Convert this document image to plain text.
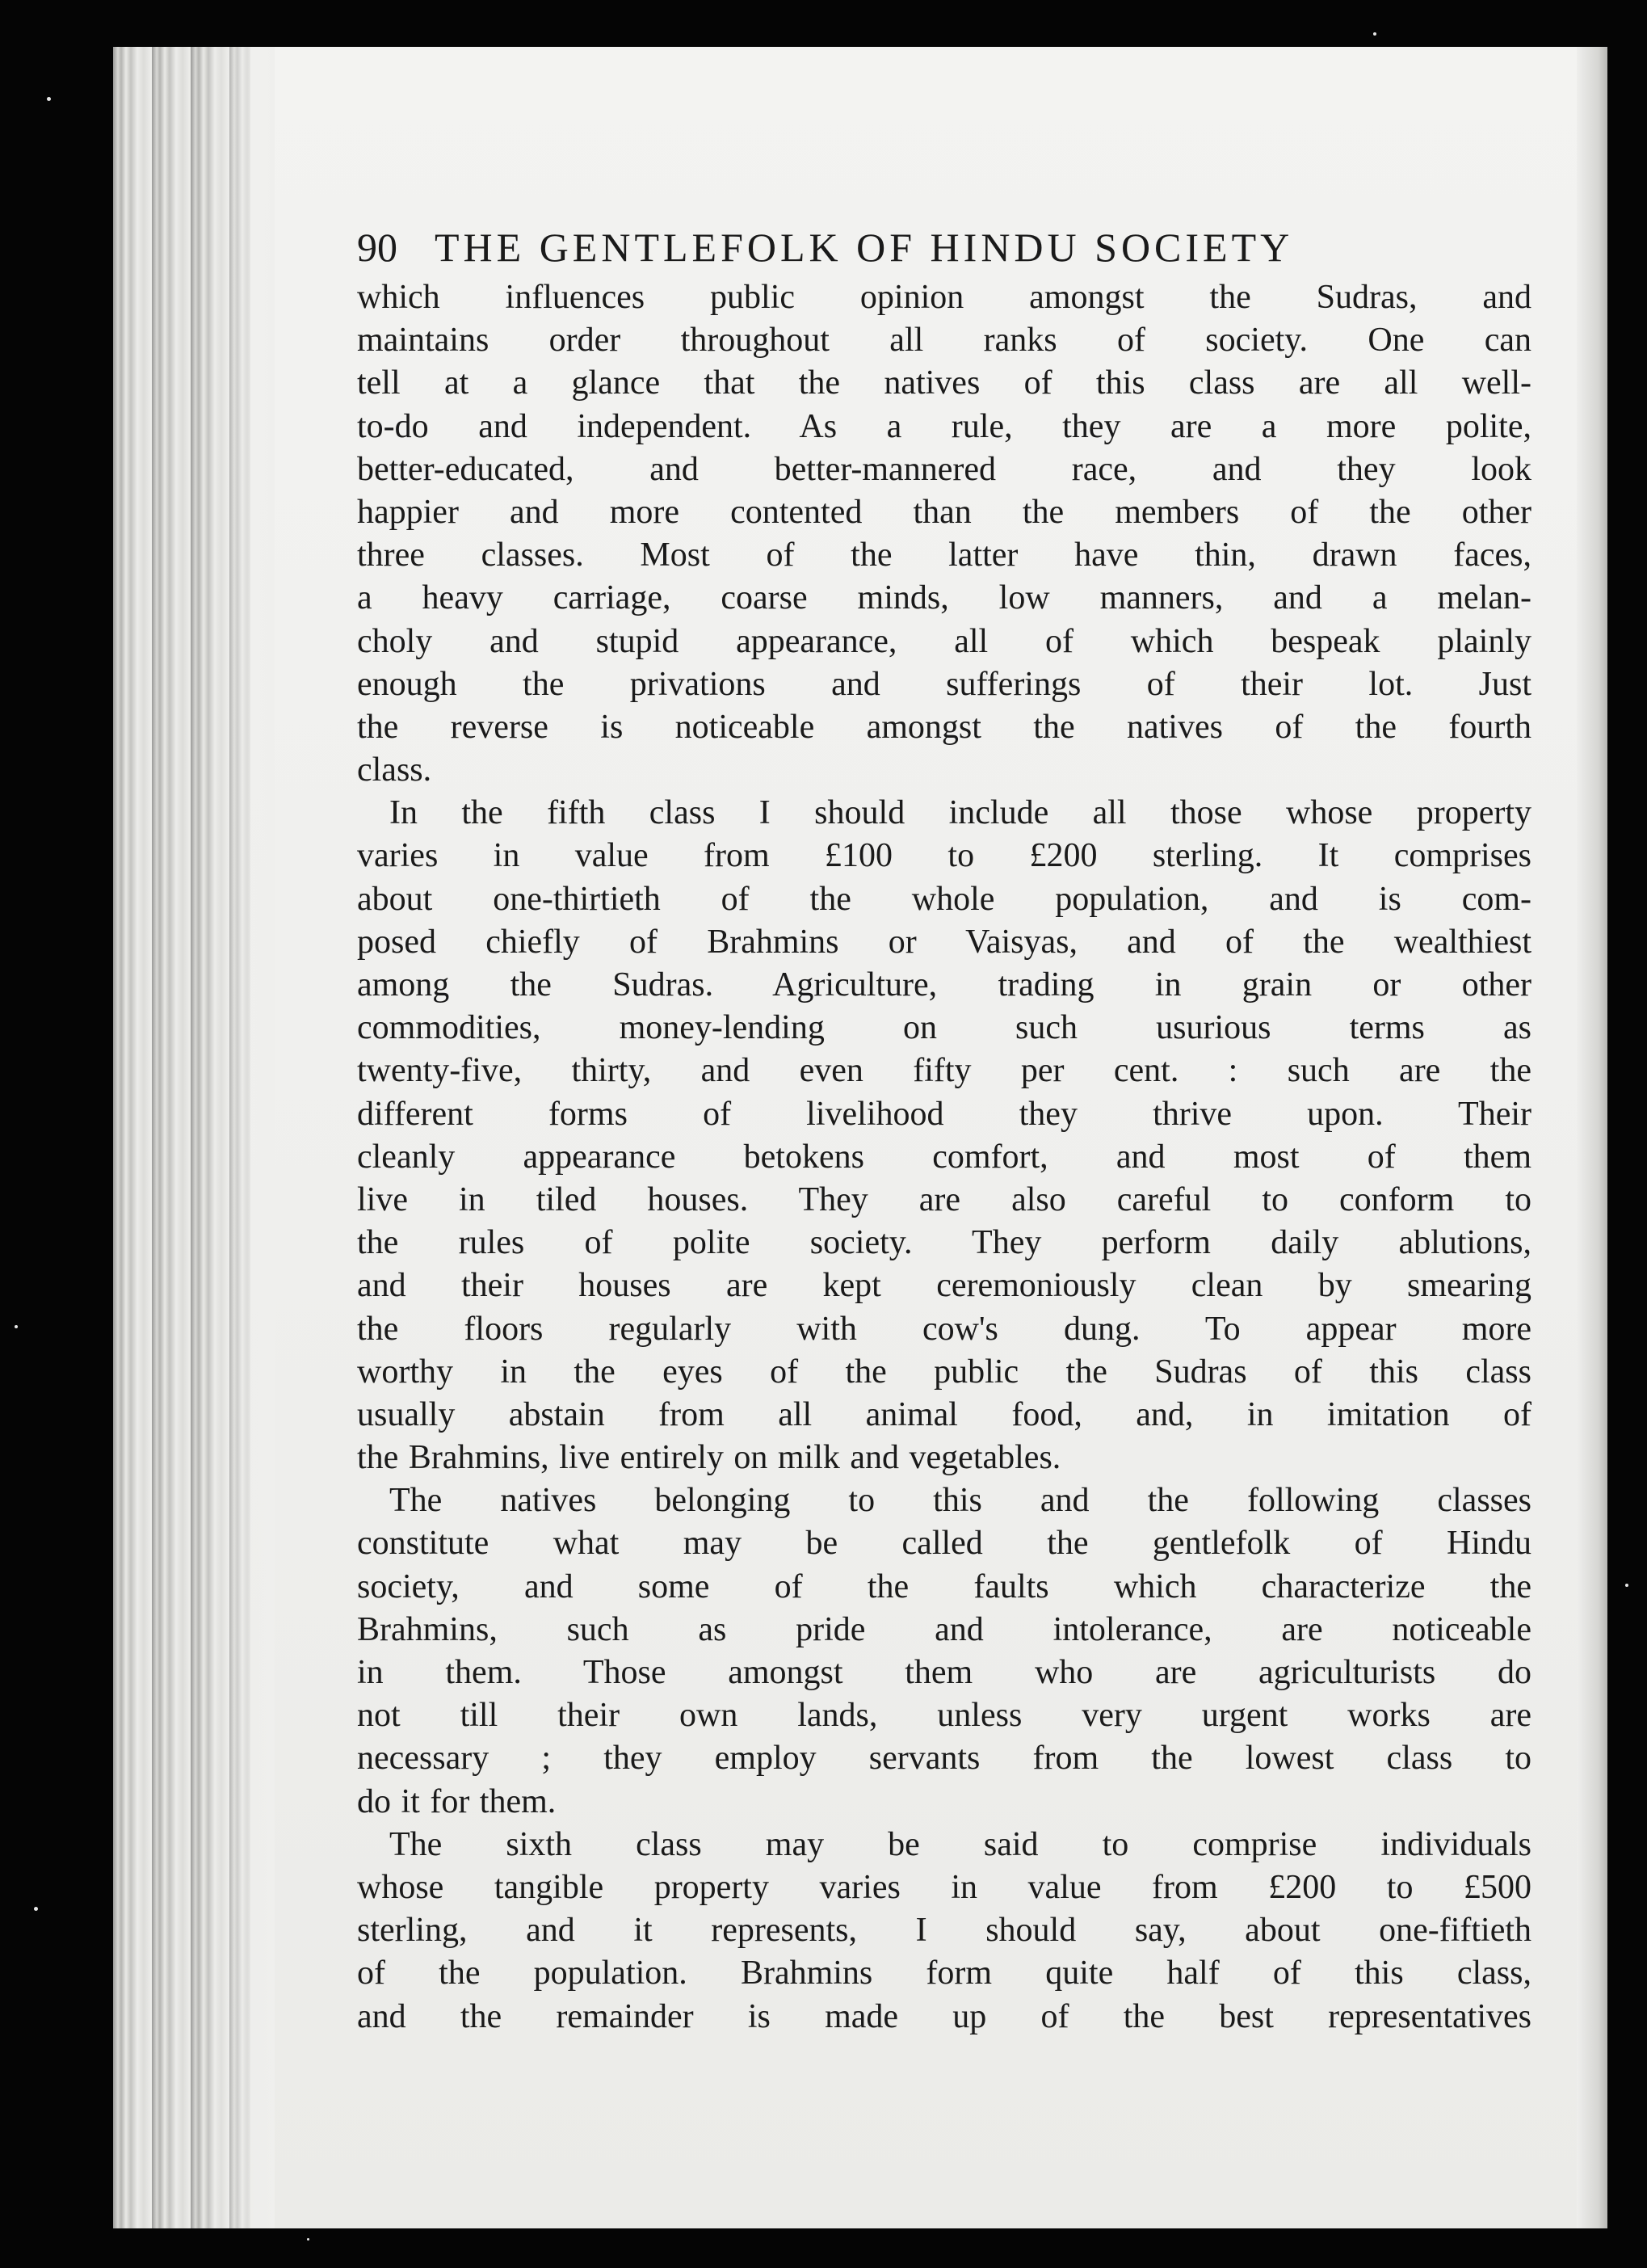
90 THE GENTLEFOLK OF HINDU SOCIETY

which influences public opinion amongst the Sudras, and
maintains order throughout all ranks of society. One can
tell at a glance that the natives of this class are all well-
to-do and independent. As a rule, they are a more polite,
better-educated, and better-mannered race, and they look
happier and more contented than the members of the other
three classes. Most of the latter have thin, drawn faces,
a heavy carriage, coarse minds, low manners, and a melan-
choly and stupid appearance, all of which bespeak plainly
enough the privations and sufferings of their lot. Just
the reverse is noticeable amongst the natives of the fourth
class.

In the fifth class I should include all those whose property
varies in value from £100 to £200 sterling. It comprises
about one-thirtieth of the whole population, and is com-
posed chiefly of Brahmins or Vaisyas, and of the wealthiest
among the Sudras. Agriculture, trading in grain or other
commodities, money-lending on such usurious terms as
twenty-five, thirty, and even fifty per cent. : such are the
different forms of livelihood they thrive upon. Their
cleanly appearance betokens comfort, and most of them
live in tiled houses. They are also careful to conform to
the rules of polite society. They perform daily ablutions,
and their houses are kept ceremoniously clean by smearing
the floors regularly with cow's dung. To appear more
worthy in the eyes of the public the Sudras of this class
usually abstain from all animal food, and, in imitation of
the Brahmins, live entirely on milk and vegetables.

The natives belonging to this and the following classes
constitute what may be called the gentlefolk of Hindu
society, and some of the faults which characterize the
Brahmins, such as pride and intolerance, are noticeable
in them. Those amongst them who are agriculturists do
not till their own lands, unless very urgent works are
necessary ; they employ servants from the lowest class to
do it for them.

The sixth class may be said to comprise individuals
whose tangible property varies in value from £200 to £500
sterling, and it represents, I should say, about one-fiftieth
of the population. Brahmins form quite half of this class,
and the remainder is made up of the best representatives
